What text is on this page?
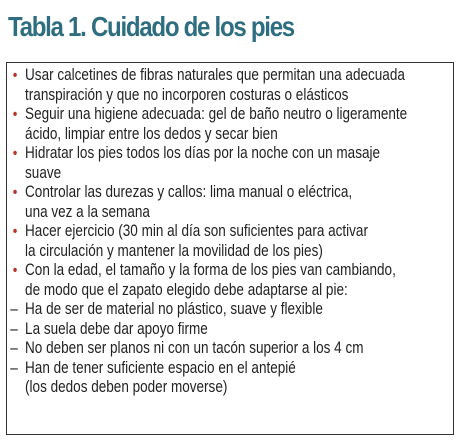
Tabla 1. Cuidado de los pies
• Usar calcetines de fibras naturales que permitan una adecuada
transpiración y que no incorporen costuras o elásticos
• Seguir una higiene adecuada: gel de baño neutro o ligeramente
ácido, limpiar entre los dedos y secar bien
• Hidratar los pies todos los días por la noche con un masaje
suave
• Controlar las durezas y callos: lima manual o eléctrica,
una vez a la semana
• Hacer ejercicio (30 min al día son suficientes para activar
la circulación y mantener la movilidad de los pies)
• Con la edad, el tamaño y la forma de los pies van cambiando,
de modo que el zapato elegido debe adaptarse al pie:
– Ha de ser de material no plástico, suave y flexible
– La suela debe dar apoyo firme
– No deben ser planos ni con un tacón superior a los 4 cm
– Han de tener suficiente espacio en el antepié
(los dedos deben poder moverse)
